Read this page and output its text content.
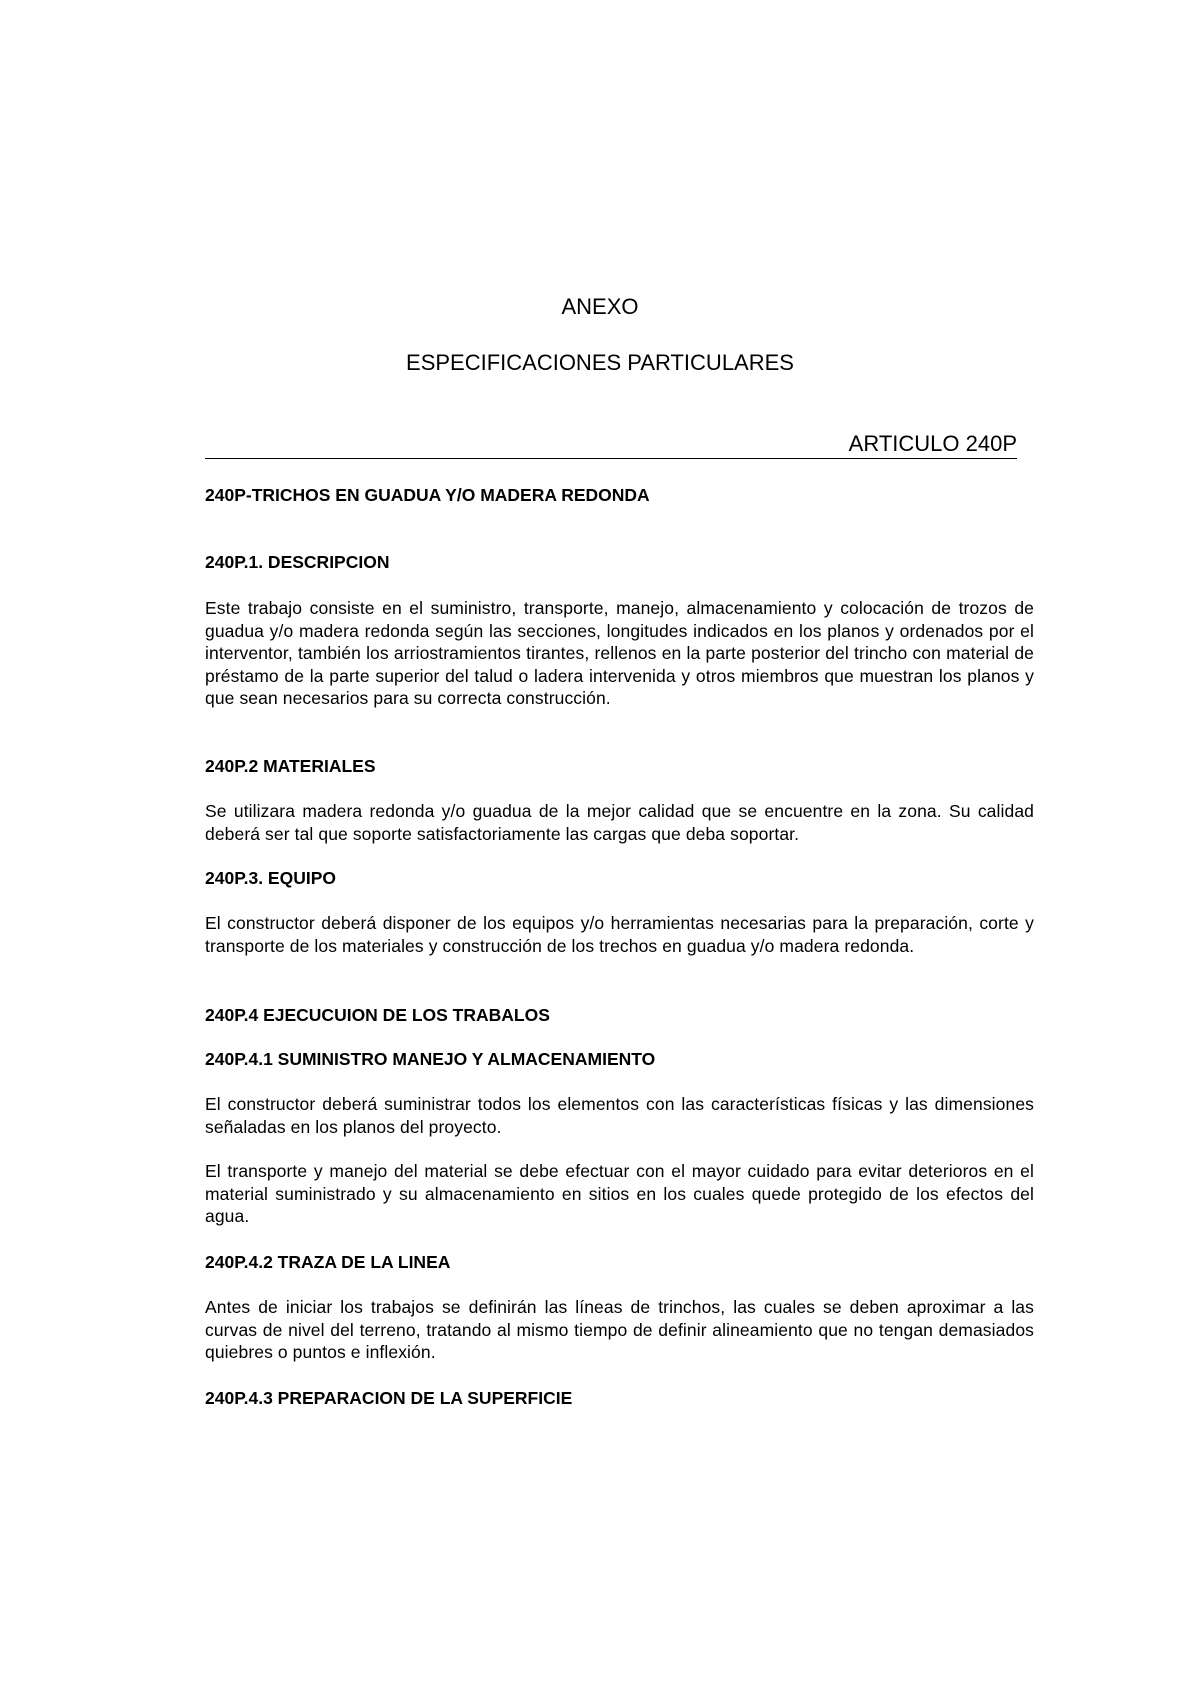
ANEXO
ESPECIFICACIONES PARTICULARES
ARTICULO 240P
240P-TRICHOS EN GUADUA Y/O MADERA REDONDA
240P.1. DESCRIPCION
Este trabajo consiste en el suministro, transporte, manejo, almacenamiento y colocación de trozos de guadua y/o madera redonda según las secciones, longitudes indicados en los planos y ordenados por el interventor, también los arriostramientos tirantes, rellenos en la parte posterior del trincho con material de préstamo de la parte superior del talud o ladera intervenida y otros miembros que muestran los planos y que sean necesarios para su correcta construcción.
240P.2 MATERIALES
Se utilizara madera redonda y/o guadua de la mejor calidad que se encuentre en la zona. Su calidad deberá ser tal que soporte satisfactoriamente las cargas que deba soportar.
240P.3. EQUIPO
El constructor deberá disponer de los equipos y/o herramientas necesarias para la preparación, corte y transporte de los materiales y construcción de los trechos en guadua y/o madera redonda.
240P.4 EJECUCUION DE LOS TRABALOS
240P.4.1 SUMINISTRO MANEJO Y ALMACENAMIENTO
El constructor deberá suministrar todos los elementos con las características físicas y las dimensiones señaladas en los planos del proyecto.
El transporte y manejo del material se debe efectuar con el mayor cuidado para evitar deterioros en el material suministrado y su almacenamiento en sitios en los cuales quede protegido de los efectos del agua.
240P.4.2 TRAZA DE LA LINEA
Antes de iniciar los trabajos se definirán las líneas de trinchos, las cuales se deben aproximar a las curvas de nivel del terreno, tratando al mismo tiempo de definir alineamiento que no tengan demasiados quiebres o puntos e inflexión.
240P.4.3 PREPARACION DE LA SUPERFICIE
